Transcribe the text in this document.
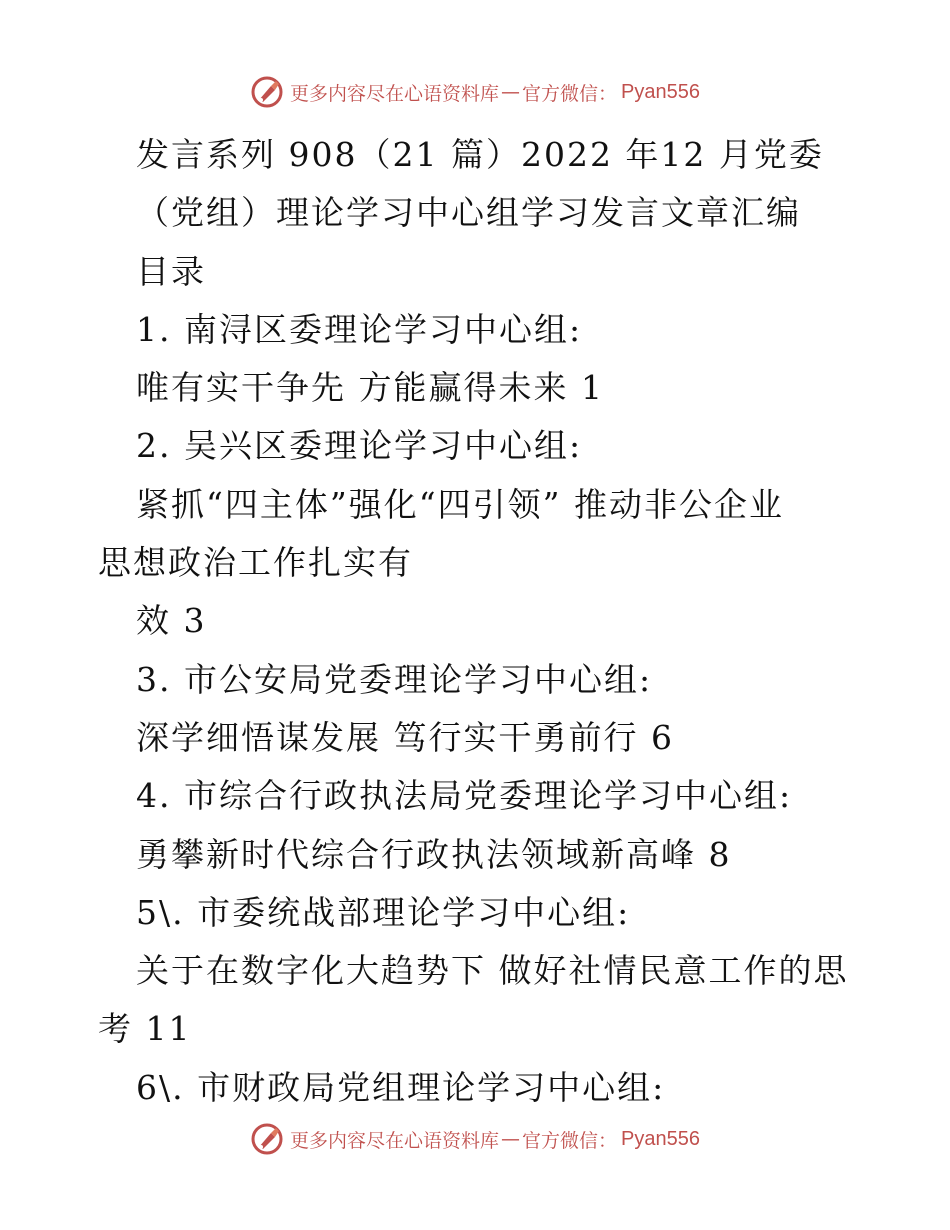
更多内容尽在心语资料库 — 官方微信： Pyan556
发言系列 908（21 篇）2022 年12 月党委
（党组）理论学习中心组学习发言文章汇编
目录
1. 南浔区委理论学习中心组:
唯有实干争先 方能赢得未来 1
2. 吴兴区委理论学习中心组:
紧抓“四主体”强化“四引领” 推动非公企业
思想政治工作扎实有
效 3
3. 市公安局党委理论学习中心组:
深学细悟谋发展 笃行实干勇前行 6
4. 市综合行政执法局党委理论学习中心组:
勇攀新时代综合行政执法领域新高峰 8
5\. 市委统战部理论学习中心组:
关于在数字化大趋势下 做好社情民意工作的思
考 11
6\. 市财政局党组理论学习中心组:
更多内容尽在心语资料库 — 官方微信： Pyan556
